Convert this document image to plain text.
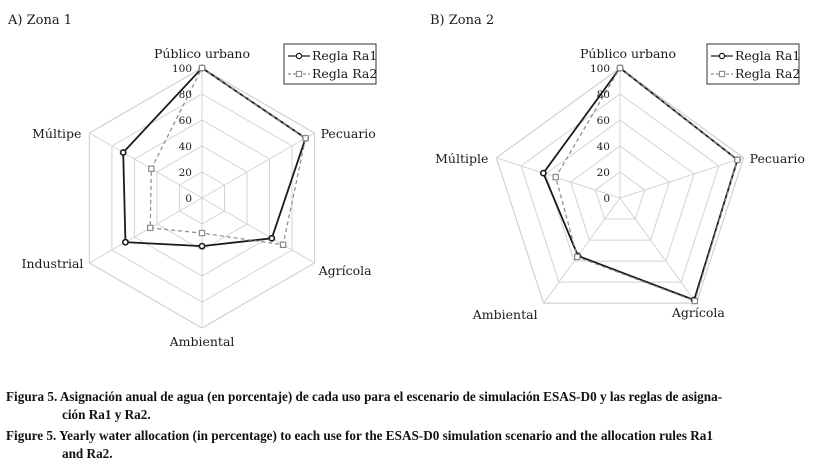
A) Zona 1
0
20
40
60
80
100
Público urbano
Pecuario
Agrícola
Ambiental
Industrial
Múltipe
Regla Ra1
Regla Ra2
B) Zona 2
0
20
40
60
80
100
Público urbano
Pecuario
Agrícola
Ambiental
Múltiple
Regla Ra1
Regla Ra2
Figura 5. Asignación anual de agua (en porcentaje) de cada uso para el escenario de simulación ESAS-D0 y las reglas de asigna-
ción Ra1 y Ra2.
Figure 5. Yearly water allocation (in percentage) to each use for the ESAS-D0 simulation scenario and the allocation rules Ra1
and Ra2.
